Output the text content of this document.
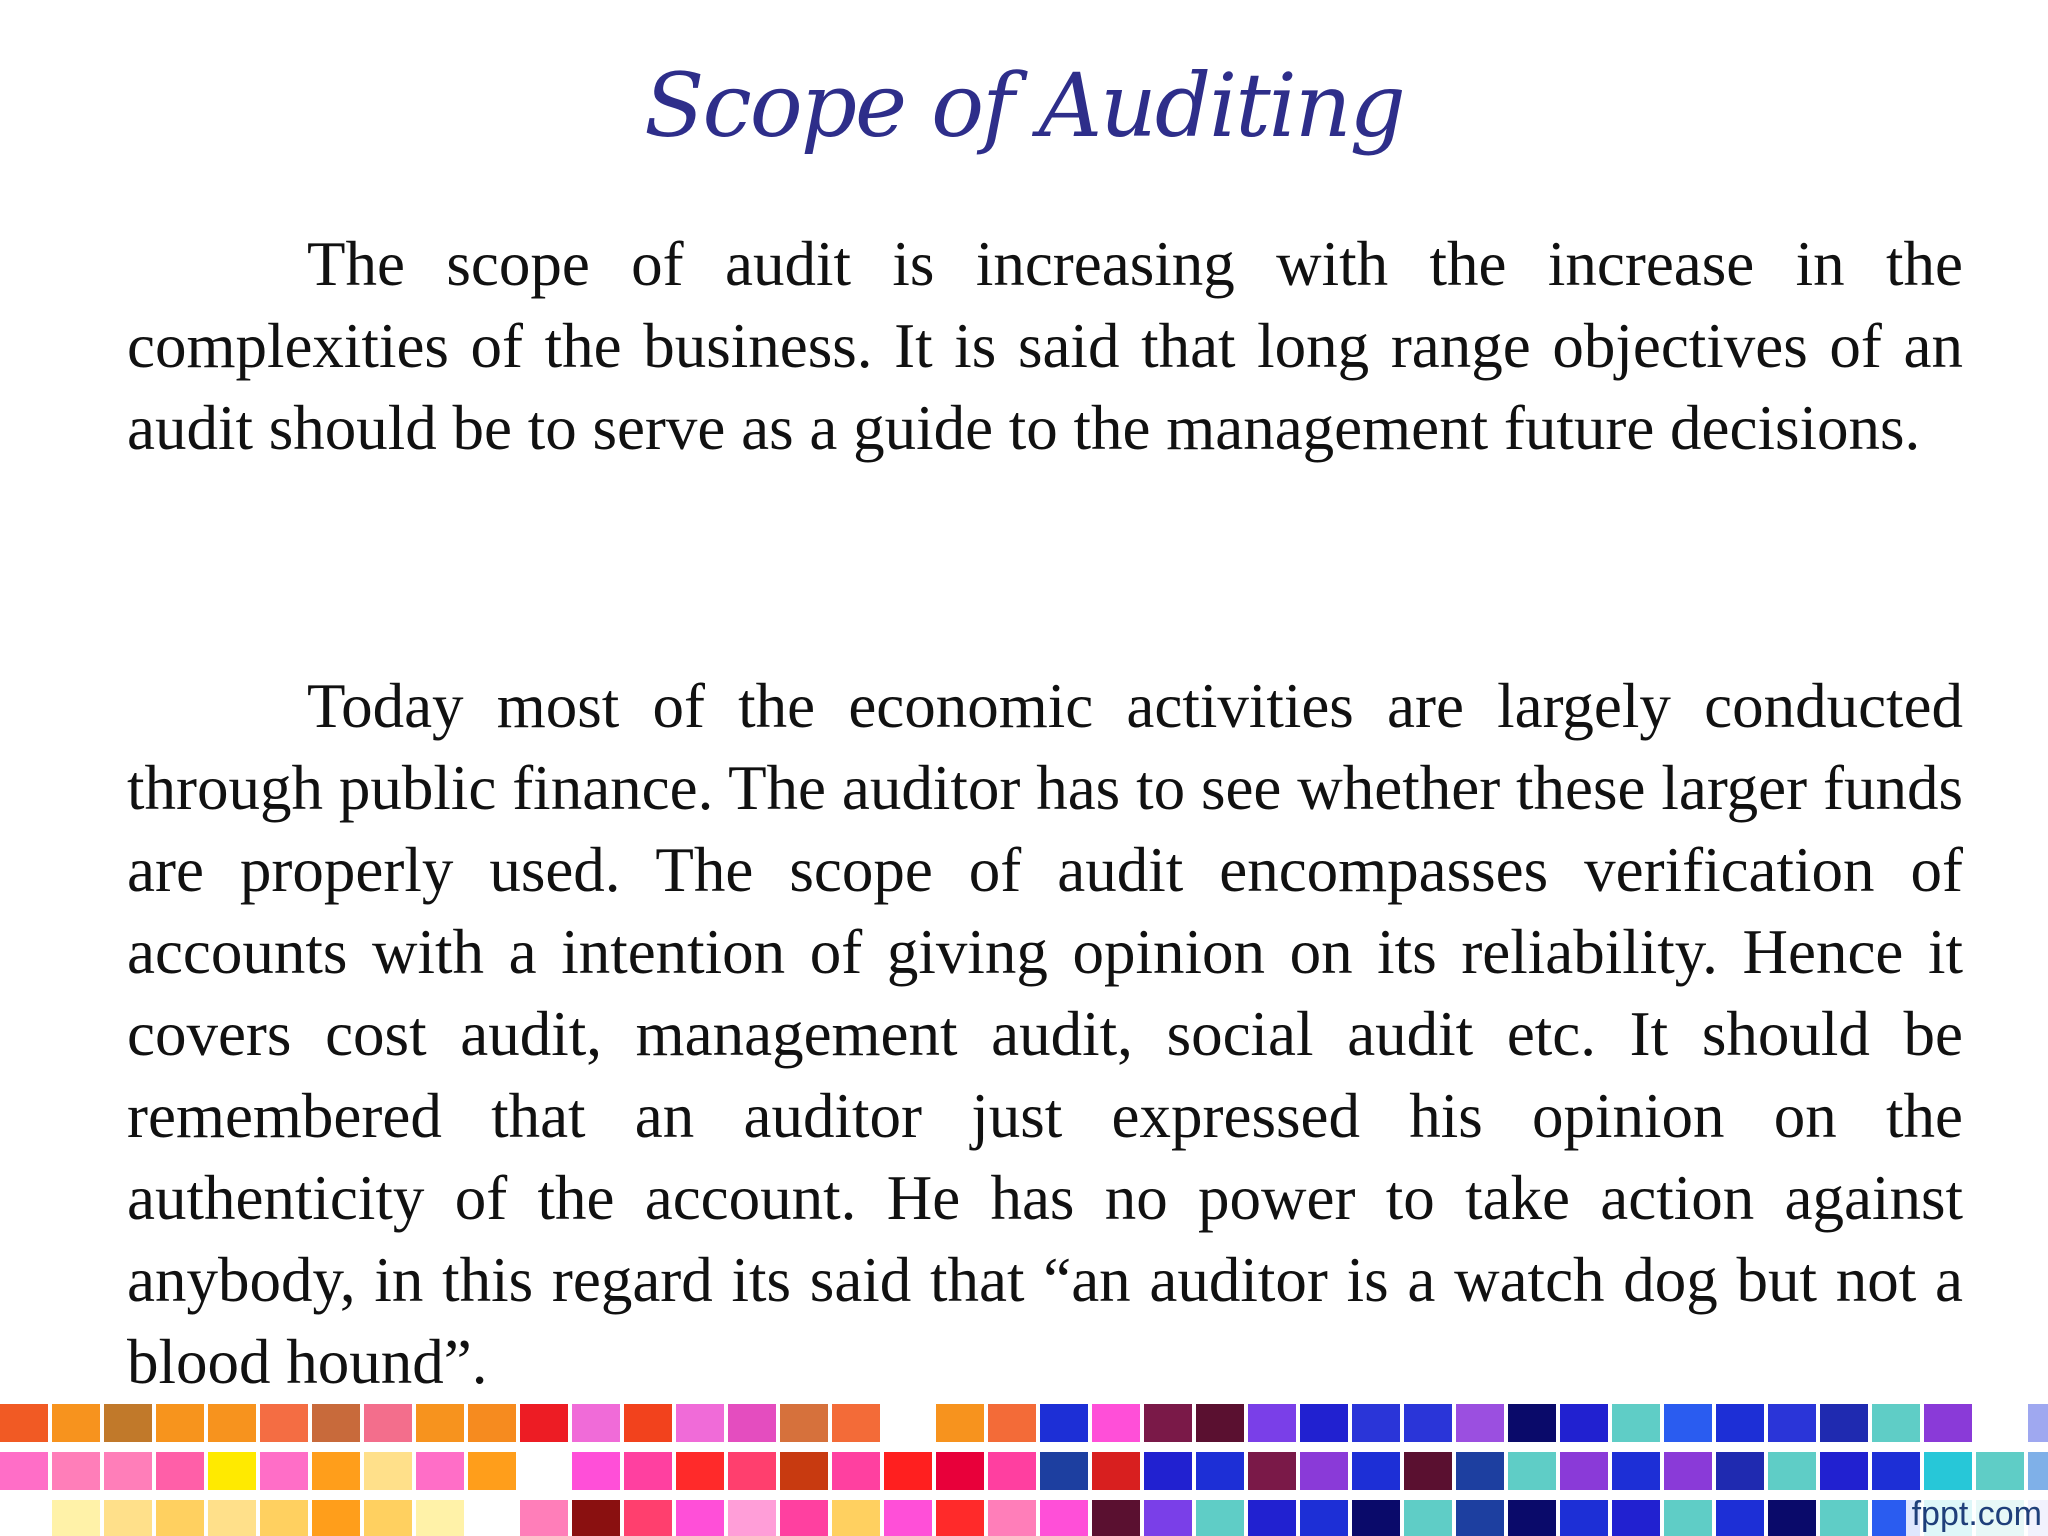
Scope of Auditing

The scope of audit is increasing with the increase in the complexities of the business. It is said that long range objectives of an audit should be to serve as a guide to the management future decisions.

Today most of the economic activities are largely conducted through public finance. The auditor has to see whether these larger funds are properly used. The scope of audit encompasses verification of accounts with a intention of giving opinion on its reliability. Hence it covers cost audit, management audit, social audit etc. It should be remembered that an auditor just expressed his opinion on the authenticity of the account. He has no power to take action against anybody, in this regard its said that “an auditor is a watch dog but not a blood hound”.

fppt.com
